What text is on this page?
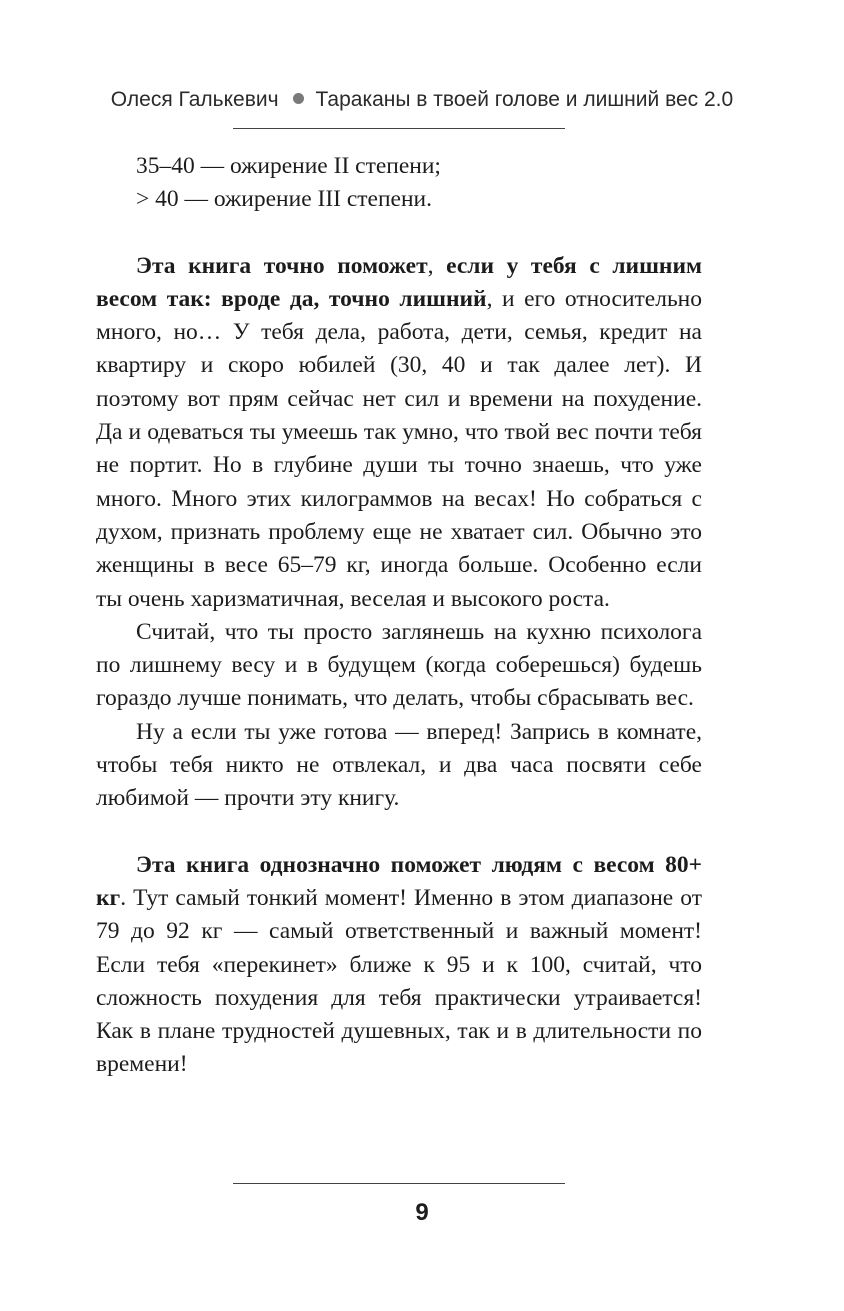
Олеся Галькевич Тараканы в твоей голове и лишний вес 2.0

35–40 — ожирение II степени;

> 40 — ожирение III степени.

Эта книга точно поможет, если у тебя с лишним весом так: вроде да, точно лишний, и его относительно много, но… У тебя дела, работа, дети, семья, кредит на квартиру и скоро юбилей (30, 40 и так далее лет). И поэтому вот прям сейчас нет сил и времени на похудение. Да и одеваться ты умеешь так умно, что твой вес почти тебя не портит. Но в глубине души ты точно знаешь, что уже много. Много этих килограммов на весах! Но собраться с духом, признать проблему еще не хватает сил. Обычно это женщины в весе 65–79 кг, иногда больше. Особенно если ты очень харизматичная, веселая и высокого роста.

Считай, что ты просто заглянешь на кухню психолога по лишнему весу и в будущем (когда соберешься) будешь гораздо лучше понимать, что делать, чтобы сбрасывать вес.

Ну а если ты уже готова — вперед! Запрись в комнате, чтобы тебя никто не отвлекал, и два часа посвяти себе любимой — прочти эту книгу.

Эта книга однозначно поможет людям с весом 80+ кг. Тут самый тонкий момент! Именно в этом диапазоне от 79 до 92 кг — самый ответственный и важный момент! Если тебя «перекинет» ближе к 95 и к 100, считай, что сложность похудения для тебя практически утраивается! Как в плане трудностей душевных, так и в длительности по времени!

9
